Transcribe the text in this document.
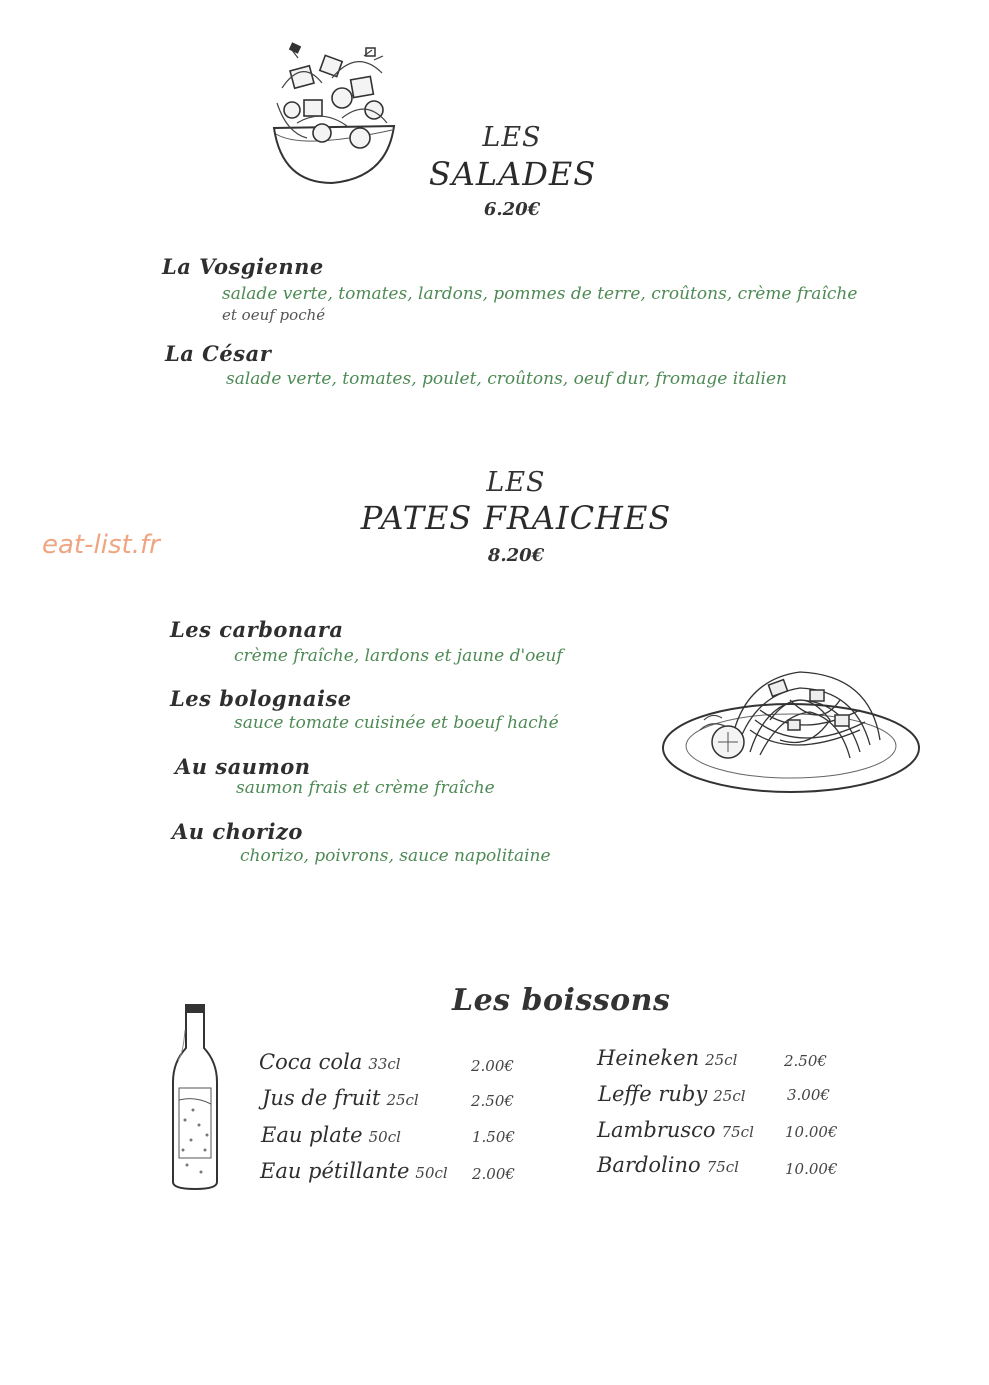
LES
SALADES
6.20€
La Vosgienne
salade verte, tomates, lardons, pommes de terre, croûtons, crème fraîche
et oeuf poché
La César
salade verte, tomates, poulet, croûtons, oeuf dur, fromage italien
eat-list.fr
LES
PATES FRAICHES
8.20€
Les carbonara
crème fraîche, lardons et jaune d'oeuf
Les bolognaise
sauce tomate cuisinée et boeuf haché
Au saumon
saumon frais et crème fraîche
Au chorizo
chorizo, poivrons, sauce napolitaine
Les boissons
Coca cola 33cl	2.00€
Jus de fruit 25cl	2.50€
Eau plate 50cl	1.50€
Eau pétillante 50cl 2.00€
Heineken 25cl	2.50€
Leffe ruby 25cl	3.00€
Lambrusco 75cl 10.00€
Bardolino 75cl	10.00€
